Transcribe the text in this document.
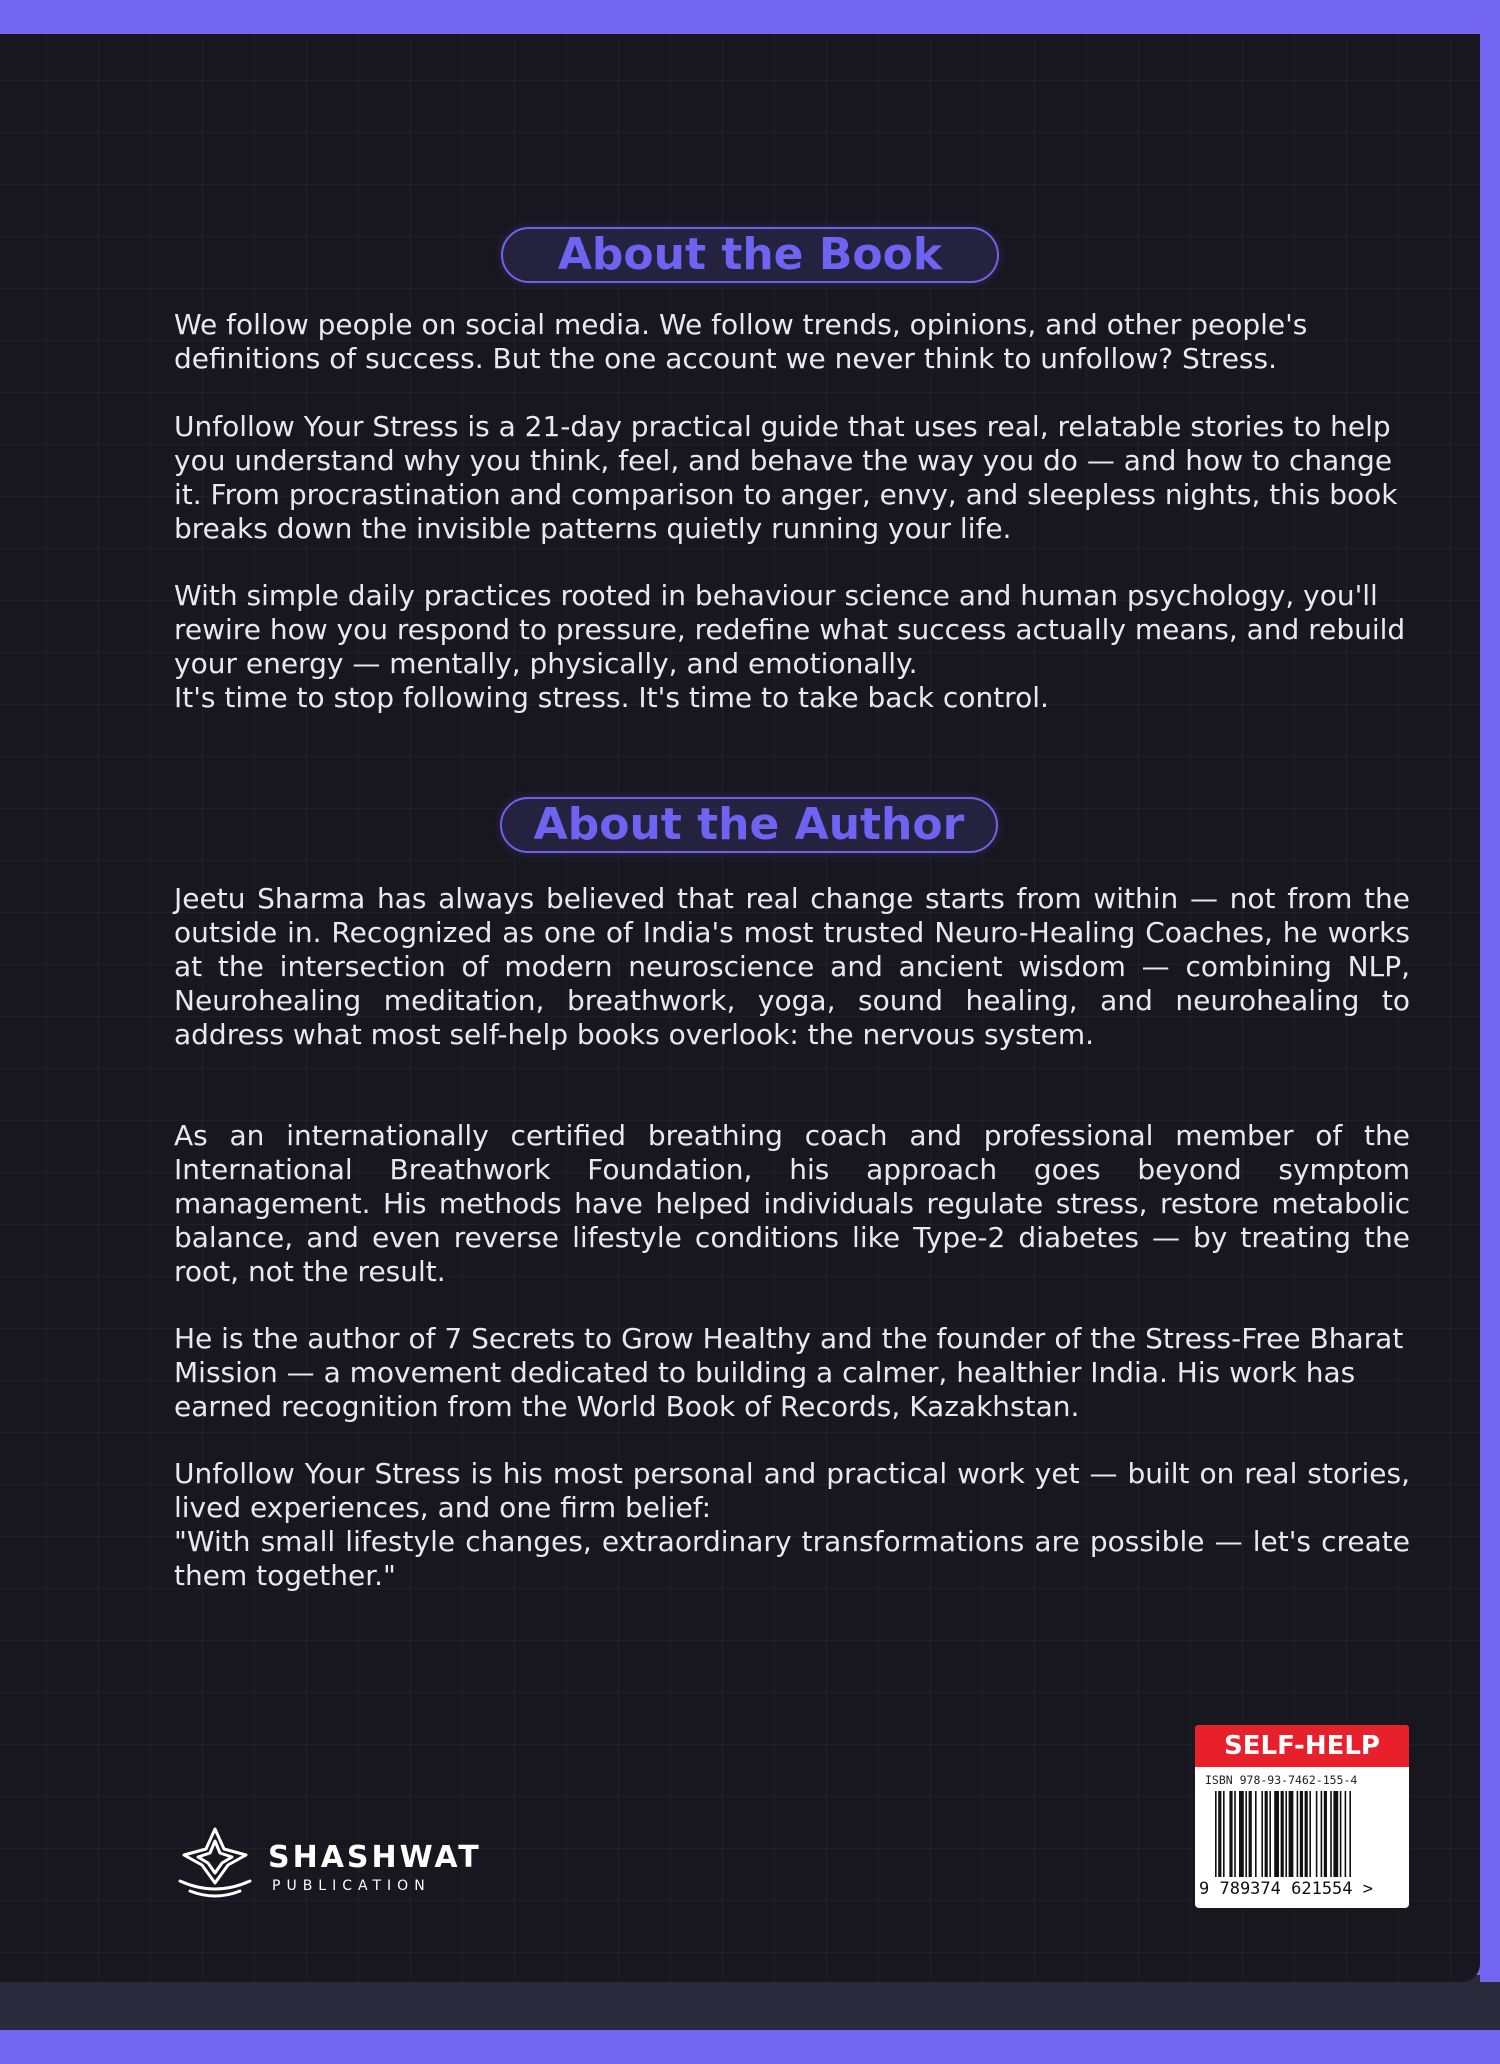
About the Book

We follow people on social media. We follow trends, opinions, and other people's definitions of success. But the one account we never think to unfollow? Stress.

Unfollow Your Stress is a 21-day practical guide that uses real, relatable stories to help you understand why you think, feel, and behave the way you do — and how to change it. From procrastination and comparison to anger, envy, and sleepless nights, this book breaks down the invisible patterns quietly running your life.

With simple daily practices rooted in behaviour science and human psychology, you'll rewire how you respond to pressure, redefine what success actually means, and rebuild your energy — mentally, physically, and emotionally.

It's time to stop following stress. It's time to take back control.

About the Author

Jeetu Sharma has always believed that real change starts from within — not from the outside in. Recognized as one of India's most trusted Neuro-Healing Coaches, he works at the intersection of modern neuroscience and ancient wisdom — combining NLP, Neurohealing meditation, breathwork, yoga, sound healing, and neurohealing to address what most self-help books overlook: the nervous system.

As an internationally certified breathing coach and professional member of the International Breathwork Foundation, his approach goes beyond symptom management. His methods have helped individuals regulate stress, restore metabolic balance, and even reverse lifestyle conditions like Type-2 diabetes — by treating the root, not the result.

He is the author of 7 Secrets to Grow Healthy and the founder of the Stress-Free Bharat Mission — a movement dedicated to building a calmer, healthier India. His work has earned recognition from the World Book of Records, Kazakhstan.

Unfollow Your Stress is his most personal and practical work yet — built on real stories, lived experiences, and one firm belief:

"With small lifestyle changes, extraordinary transformations are possible — let's create them together."

SHASHWAT
PUBLICATION
SELF-HELP
ISBN 978-93-7462-155-4
9 789374 621554 >
